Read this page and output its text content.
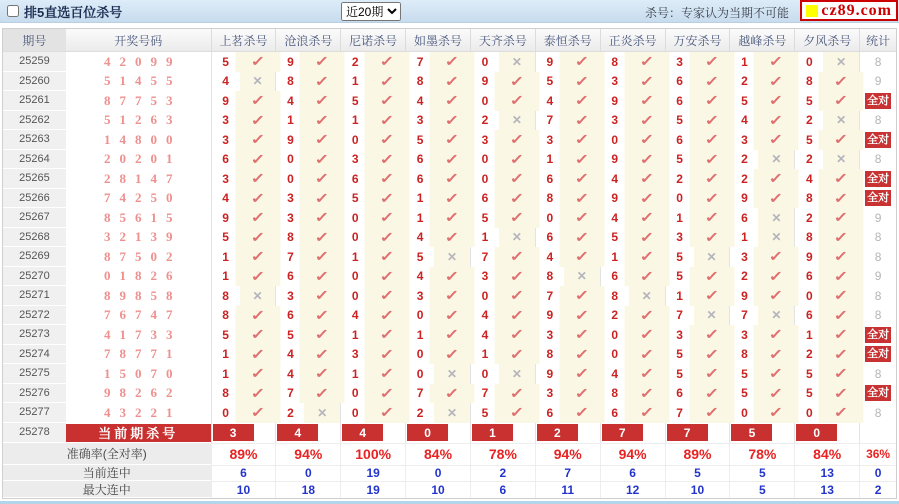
排5直选百位杀号
近20期	杀号：专家认为当期不可能 cz89.com
期号	开奖号码	上茗杀号	沧浪杀号	尼诺杀号	如墨杀号	天齐杀号	泰恒杀号	正炎杀号	万安杀号	越峰杀号	夕风杀号	统计
25259	42099	5	✓	9	✓	2	✓	7	✓	0	✕	9	✓	8	✓	3	✓	1	✓	0	✕	8
25260	51455	4	✕	8	✓	1	✓	8	✓	9	✓	5	✓	3	✓	6	✓	2	✓	8	✓	9
25261	87753	9	✓	4	✓	5	✓	4	✓	0	✓	4	✓	9	✓	6	✓	5	✓	5	✓	全对
25262	51263	3	✓	1	✓	1	✓	3	✓	2	✕	7	✓	3	✓	5	✓	4	✓	2	✕	8
25263	14800	3	✓	9	✓	0	✓	5	✓	3	✓	3	✓	0	✓	6	✓	3	✓	5	✓	全对
25264	20201	6	✓	0	✓	3	✓	6	✓	0	✓	1	✓	9	✓	5	✓	2	✕	2	✕	8
25265	28147	3	✓	0	✓	6	✓	6	✓	0	✓	6	✓	4	✓	2	✓	2	✓	4	✓	全对
25266	74250	4	✓	3	✓	5	✓	1	✓	6	✓	8	✓	9	✓	0	✓	9	✓	8	✓	全对
25267	85615	9	✓	3	✓	0	✓	1	✓	5	✓	0	✓	4	✓	1	✓	6	✕	2	✓	9
25268	32139	5	✓	8	✓	0	✓	4	✓	1	✕	6	✓	5	✓	3	✓	1	✕	8	✓	8
25269	87502	1	✓	7	✓	1	✓	5	✕	7	✓	4	✓	1	✓	5	✕	3	✓	9	✓	8
25270	01826	1	✓	6	✓	0	✓	4	✓	3	✓	8	✕	6	✓	5	✓	2	✓	6	✓	9
25271	89858	8	✕	3	✓	0	✓	3	✓	0	✓	7	✓	8	✕	1	✓	9	✓	0	✓	8
25272	76747	8	✓	6	✓	4	✓	0	✓	4	✓	9	✓	2	✓	7	✕	7	✕	6	✓	8
25273	41733	5	✓	5	✓	1	✓	1	✓	4	✓	3	✓	0	✓	3	✓	3	✓	1	✓	全对
25274	78771	1	✓	4	✓	3	✓	0	✓	1	✓	8	✓	0	✓	5	✓	8	✓	2	✓	全对
25275	15070	1	✓	4	✓	1	✓	0	✕	0	✕	9	✓	4	✓	5	✓	5	✓	5	✓	8
25276	98262	8	✓	7	✓	0	✓	7	✓	7	✓	3	✓	8	✓	6	✓	5	✓	5	✓	全对
25277	43221	0	✓	2	✕	0	✓	2	✕	5	✓	6	✓	6	✓	7	✓	0	✓	0	✓	8
25278	当前期杀号	3	4	4	0	1	2	7	7	5	0
准确率(全对率)	89%	94%	100%	84%	78%	94%	94%	89%	78%	84%	36%
当前连中	6	0	19	0	2	7	6	5	5	13	0
最大连中	10	18	19	10	6	11	12	10	5	13	2
